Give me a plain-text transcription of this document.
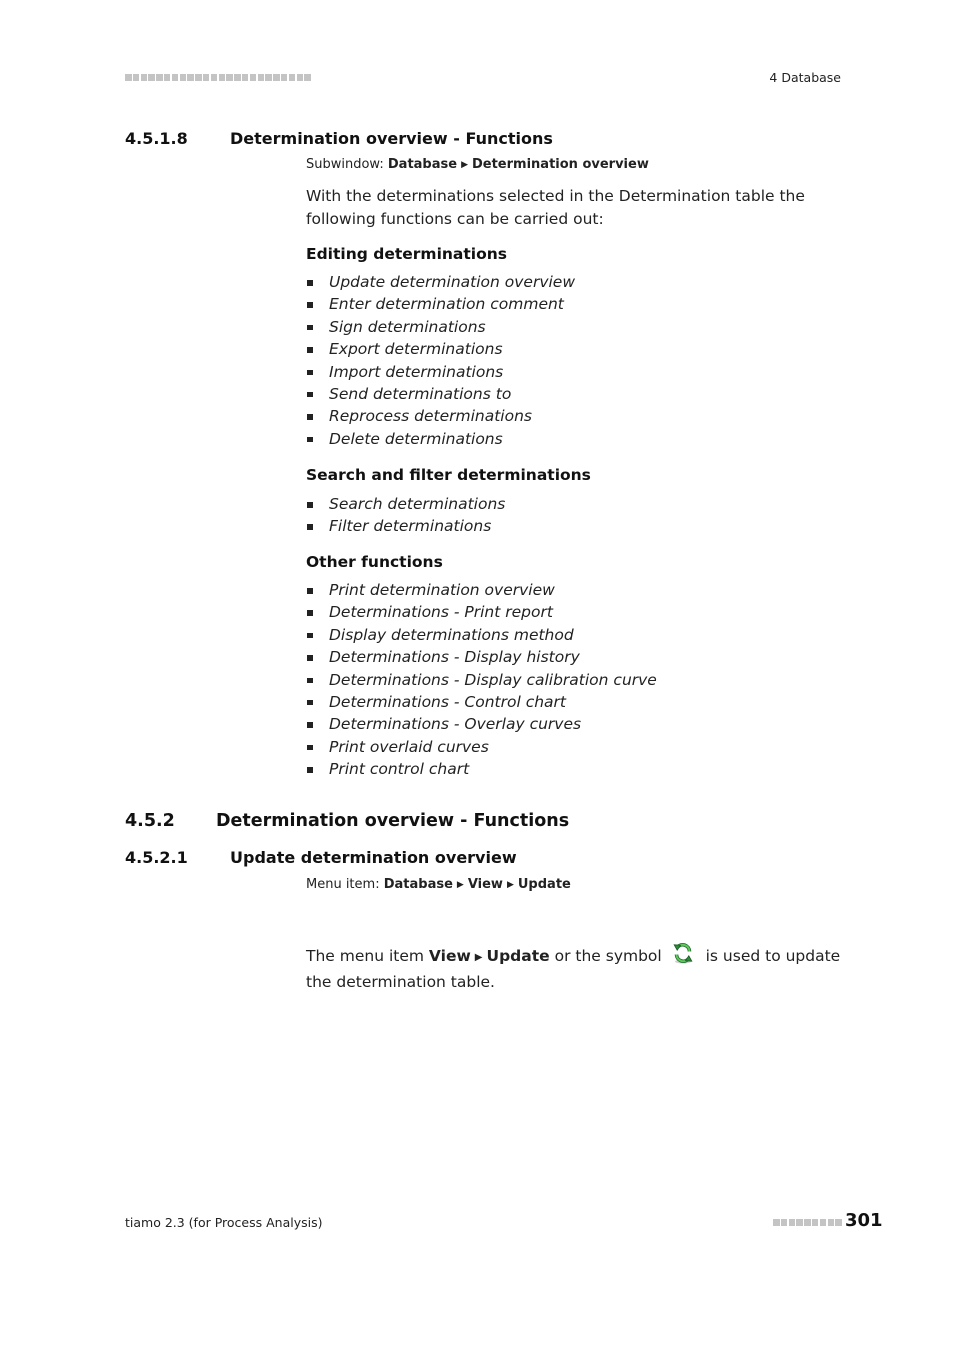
4 Database
4.5.1.8	Determination overview - Functions
Subwindow: Database ▶ Determination overview
With the determinations selected in the Determination table the following functions can be carried out:
Editing determinations
Update determination overview
Enter determination comment
Sign determinations
Export determinations
Import determinations
Send determinations to
Reprocess determinations
Delete determinations
Search and filter determinations
Search determinations
Filter determinations
Other functions
Print determination overview
Determinations - Print report
Display determinations method
Determinations - Display history
Determinations - Display calibration curve
Determinations - Control chart
Determinations - Overlay curves
Print overlaid curves
Print control chart
4.5.2 Determination overview - Functions
4.5.2.1	Update determination overview
Menu item: Database ▶ View ▶ Update
The menu item View ▶ Update or the symbol	is used to update the determination table.
tiamo 2.3 (for Process Analysis)	301
